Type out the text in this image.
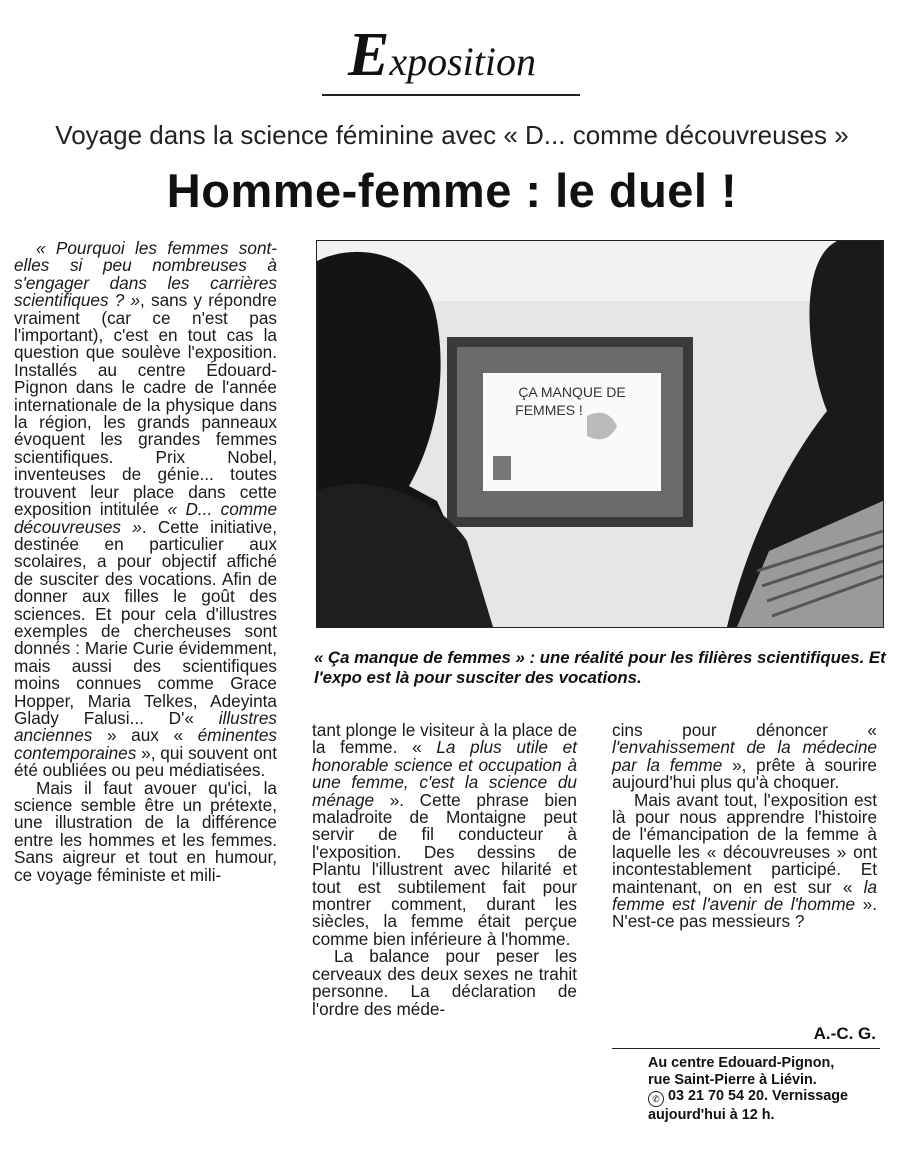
Exposition
Voyage dans la science féminine avec « D... comme découvreuses »
Homme-femme : le duel !

« Pourquoi les femmes sont-elles si peu nombreuses à s'engager dans les carrières scientifiques ? », sans y répondre vraiment (car ce n'est pas l'important), c'est en tout cas la question que soulève l'exposition. Installés au centre Édouard-Pignon dans le cadre de l'année internationale de la physique dans la région, les grands panneaux évoquent les grandes femmes scientifiques. Prix Nobel, inventeuses de génie... toutes trouvent leur place dans cette exposition intitulée « D... comme découvreuses ». Cette initiative, destinée en particulier aux scolaires, a pour objectif affiché de susciter des vocations. Afin de donner aux filles le goût des sciences. Et pour cela d'illustres exemples de chercheuses sont donnés : Marie Curie évidemment, mais aussi des scientifiques moins connues comme Grace Hopper, Maria Telkes, Adeyinta Glady Falusi... D'« illustres anciennes » aux « éminentes contemporaines », qui souvent ont été oubliées ou peu médiatisées.

Mais il faut avouer qu'ici, la science semble être un prétexte, une illustration de la différence entre les hommes et les femmes. Sans aigreur et tout en humour, ce voyage féministe et mili-

ÇA MANQUE DE
FEMMES !
« Ça manque de femmes » : une réalité pour les filières scientifiques. Et l'expo est là pour susciter des vocations.

tant plonge le visiteur à la place de la femme. « La plus utile et honorable science et occupation à une femme, c'est la science du ménage ». Cette phrase bien maladroite de Montaigne peut servir de fil conducteur à l'exposition. Des dessins de Plantu l'illustrent avec hilarité et tout est subtilement fait pour montrer comment, durant les siècles, la femme était perçue comme bien inférieure à l'homme.

La balance pour peser les cerveaux des deux sexes ne trahit personne. La déclaration de l'ordre des méde-

cins pour dénoncer « l'envahissement de la médecine par la femme », prête à sourire aujourd'hui plus qu'à choquer.

Mais avant tout, l'exposition est là pour nous apprendre l'histoire de l'émancipation de la femme à laquelle les « découvreuses » ont incontestablement participé. Et maintenant, on en est sur « la femme est l'avenir de l'homme ». N'est-ce pas messieurs ?

A.-C. G.
Au centre Edouard-Pignon,
rue Saint-Pierre à Liévin.
✆ 03 21 70 54 20. Vernissage
aujourd'hui à 12 h.
